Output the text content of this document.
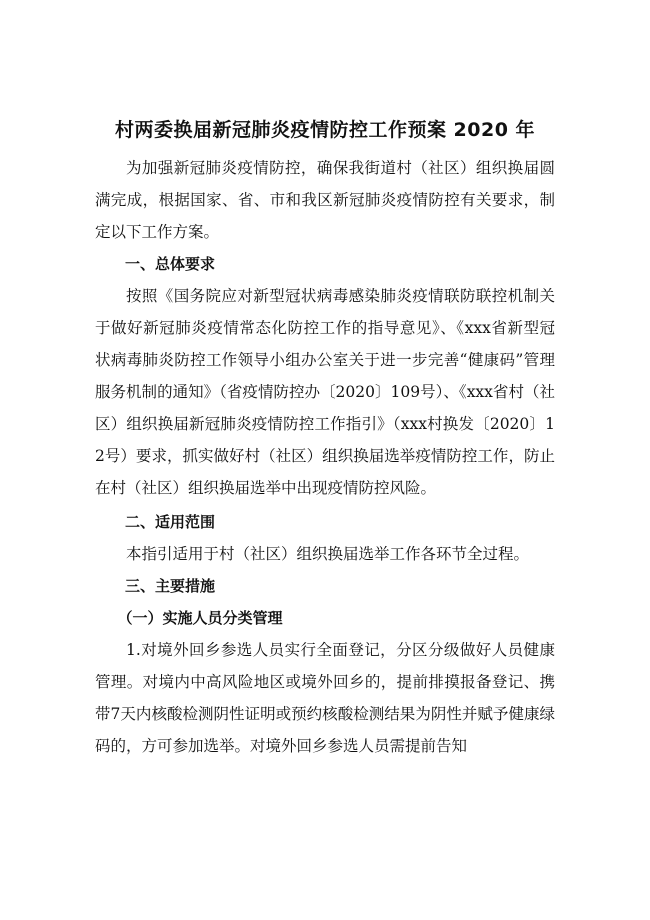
村两委换届新冠肺炎疫情防控工作预案 2020 年

为加强新冠肺炎疫情防控，确保我街道村（社区）组织换届圆满完成，根据国家、省、市和我区新冠肺炎疫情防控有关要求，制定以下工作方案。

一、总体要求

按照《国务院应对新型冠状病毒感染肺炎疫情联防联控机制关于做好新冠肺炎疫情常态化防控工作的指导意见》、《xxx省新型冠状病毒肺炎防控工作领导小组办公室关于进一步完善“健康码”管理服务机制的通知》（省疫情防控办〔2020〕109号）、《xxx省村（社区）组织换届新冠肺炎疫情防控工作指引》（xxx村换发〔2020〕12号）要求，抓实做好村（社区）组织换届选举疫情防控工作，防止在村（社区）组织换届选举中出现疫情防控风险。

二、适用范围

本指引适用于村（社区）组织换届选举工作各环节全过程。

三、主要措施

（一）实施人员分类管理

1.对境外回乡参选人员实行全面登记，分区分级做好人员健康管理。对境内中高风险地区或境外回乡的，提前排摸报备登记、携带7天内核酸检测阴性证明或预约核酸检测结果为阴性并赋予健康绿码的，方可参加选举。对境外回乡参选人员需提前告知
